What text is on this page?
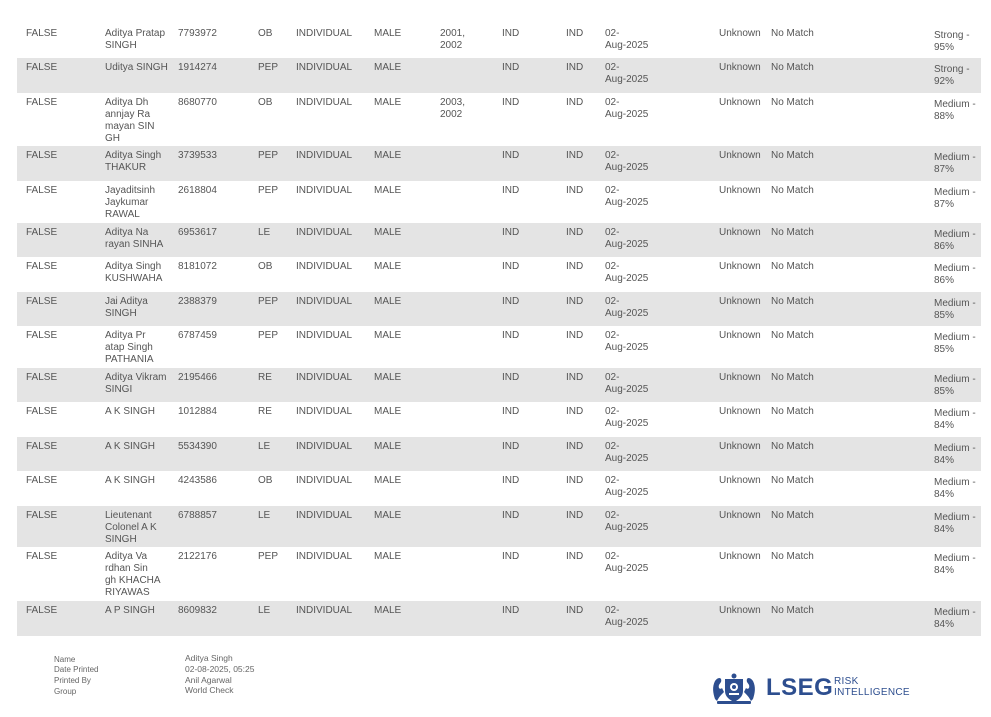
FALSE	Aditya Pratap
SINGH
7793972	OB	INDIVIDUAL	MALE	2001,
2002
IND	IND	02-
Aug-2025
Unknown	No Match	Strong -
95%
FALSE	Uditya SINGH	1914274	PEP	INDIVIDUAL	MALE	IND	IND	02-
Aug-2025
Unknown	No Match	Strong -
92%
FALSE	Aditya Dh
annjay Ra
mayan SIN
GH
8680770	OB	INDIVIDUAL	MALE	2003,
2002
IND	IND	02-
Aug-2025
Unknown	No Match	Medium -
88%
FALSE	Aditya Singh
THAKUR
3739533	PEP	INDIVIDUAL	MALE	IND	IND	02-
Aug-2025
Unknown	No Match	Medium -
87%
FALSE	Jayaditsinh
Jaykumar
RAWAL
2618804	PEP	INDIVIDUAL	MALE	IND	IND	02-
Aug-2025
Unknown	No Match	Medium -
87%
FALSE	Aditya Na
rayan SINHA
6953617	LE	INDIVIDUAL	MALE	IND	IND	02-
Aug-2025
Unknown	No Match	Medium -
86%
FALSE	Aditya Singh
KUSHWAHA
8181072	OB	INDIVIDUAL	MALE	IND	IND	02-
Aug-2025
Unknown	No Match	Medium -
86%
FALSE	Jai Aditya
SINGH
2388379	PEP	INDIVIDUAL	MALE	IND	IND	02-
Aug-2025
Unknown	No Match	Medium -
85%
FALSE	Aditya Pr
atap Singh
PATHANIA
6787459	PEP	INDIVIDUAL	MALE	IND	IND	02-
Aug-2025
Unknown	No Match	Medium -
85%
FALSE	Aditya Vikram
SINGI
2195466	RE	INDIVIDUAL	MALE	IND	IND	02-
Aug-2025
Unknown	No Match	Medium -
85%
FALSE	A K SINGH	1012884	RE	INDIVIDUAL	MALE	IND	IND	02-
Aug-2025
Unknown	No Match	Medium -
84%
FALSE	A K SINGH	5534390	LE	INDIVIDUAL	MALE	IND	IND	02-
Aug-2025
Unknown	No Match	Medium -
84%
FALSE	A K SINGH	4243586	OB	INDIVIDUAL	MALE	IND	IND	02-
Aug-2025
Unknown	No Match	Medium -
84%
FALSE	Lieutenant
Colonel A K
SINGH
6788857	LE	INDIVIDUAL	MALE	IND	IND	02-
Aug-2025
Unknown	No Match	Medium -
84%
FALSE	Aditya Va
rdhan Sin
gh KHACHA
RIYAWAS
2122176	PEP	INDIVIDUAL	MALE	IND	IND	02-
Aug-2025
Unknown	No Match	Medium -
84%
FALSE	A P SINGH	8609832	LE	INDIVIDUAL	MALE	IND	IND	02-
Aug-2025
Unknown	No Match	Medium -
84%
Name
Date Printed
Printed By
Group
Aditya Singh
02-08-2025, 05:25
Anil Agarwal
World Check	LSEG RISK
INTELLIGENCE
